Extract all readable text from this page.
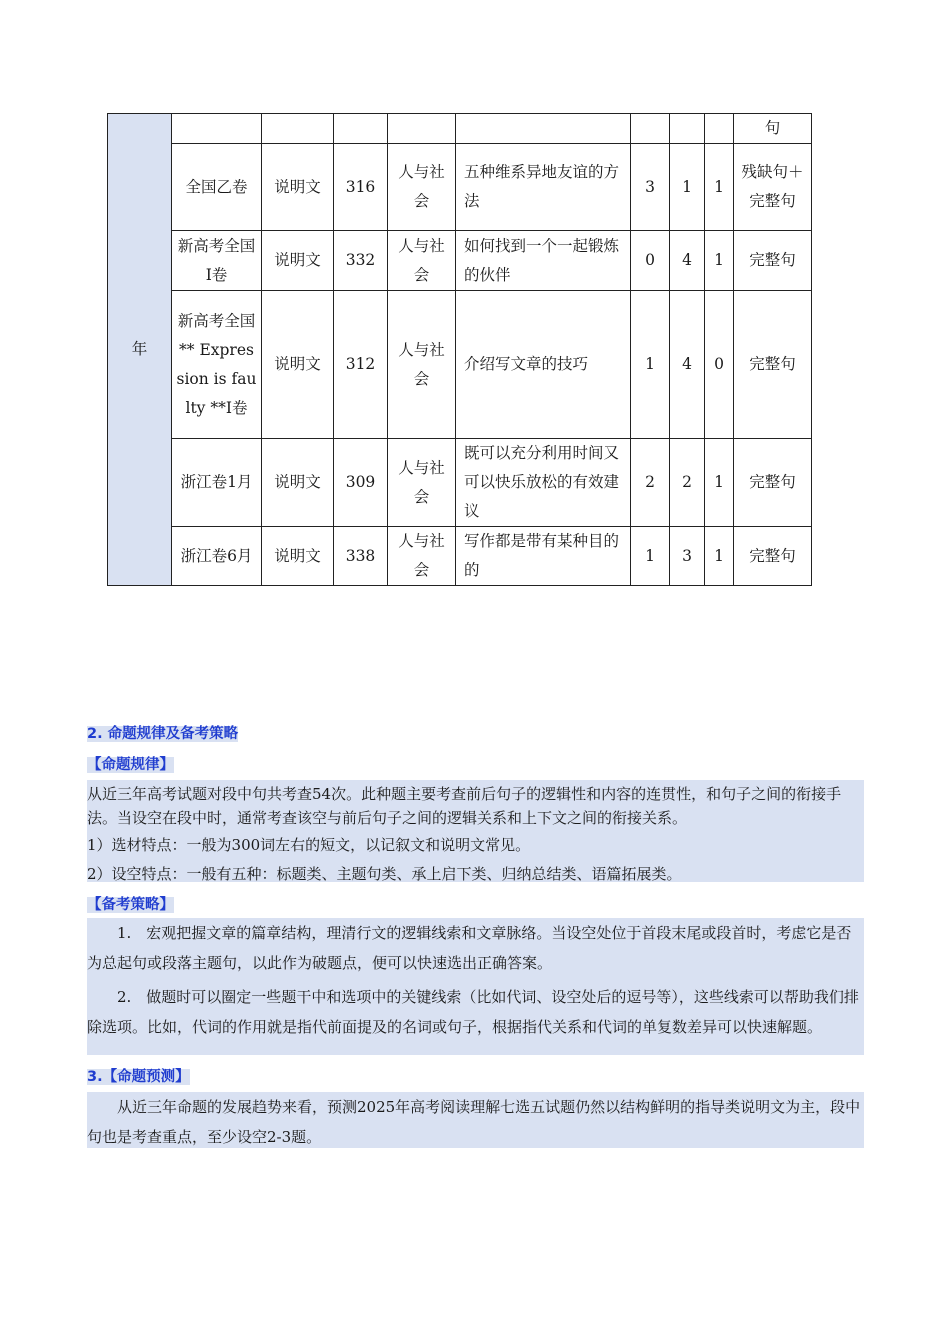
年									句
	全国乙卷	说明文	316	人与社会	五种维系异地友谊的方法	3	1	1	残缺句＋完整句
	新高考全国I卷	说明文	332	人与社会	如何找到一个一起锻炼的伙伴	0	4	1	完整句
	新高考全国** Expression is faulty **I卷	说明文	312	人与社会	介绍写文章的技巧	1	4	0	完整句
	浙江卷1月	说明文	309	人与社会	既可以充分利用时间又可以快乐放松的有效建议	2	2	1	完整句
	浙江卷6月	说明文	338	人与社会	写作都是带有某种目的的	1	3	1	完整句
2. 命题规律及备考策略
【命题规律】
从近三年高考试题对段中句共考查54次。此种题主要考查前后句子的逻辑性和内容的连贯性，和句子之间的衔接手法。当设空在段中时，通常考查该空与前后句子之间的逻辑关系和上下文之间的衔接关系。
1）选材特点：一般为300词左右的短文，以记叙文和说明文常见。
2）设空特点：一般有五种：标题类、主题句类、承上启下类、归纳总结类、语篇拓展类。
【备考策略】
1.　宏观把握文章的篇章结构，理清行文的逻辑线索和文章脉络。当设空处位于首段末尾或段首时，考虑它是否为总起句或段落主题句，以此作为破题点，便可以快速选出正确答案。
2.　做题时可以圈定一些题干中和选项中的关键线索（比如代词、设空处后的逗号等），这些线索可以帮助我们排除选项。比如，代词的作用就是指代前面提及的名词或句子，根据指代关系和代词的单复数差异可以快速解题。
3.【命题预测】
从近三年命题的发展趋势来看，预测2025年高考阅读理解七选五试题仍然以结构鲜明的指导类说明文为主，段中句也是考查重点，至少设空2-3题。
